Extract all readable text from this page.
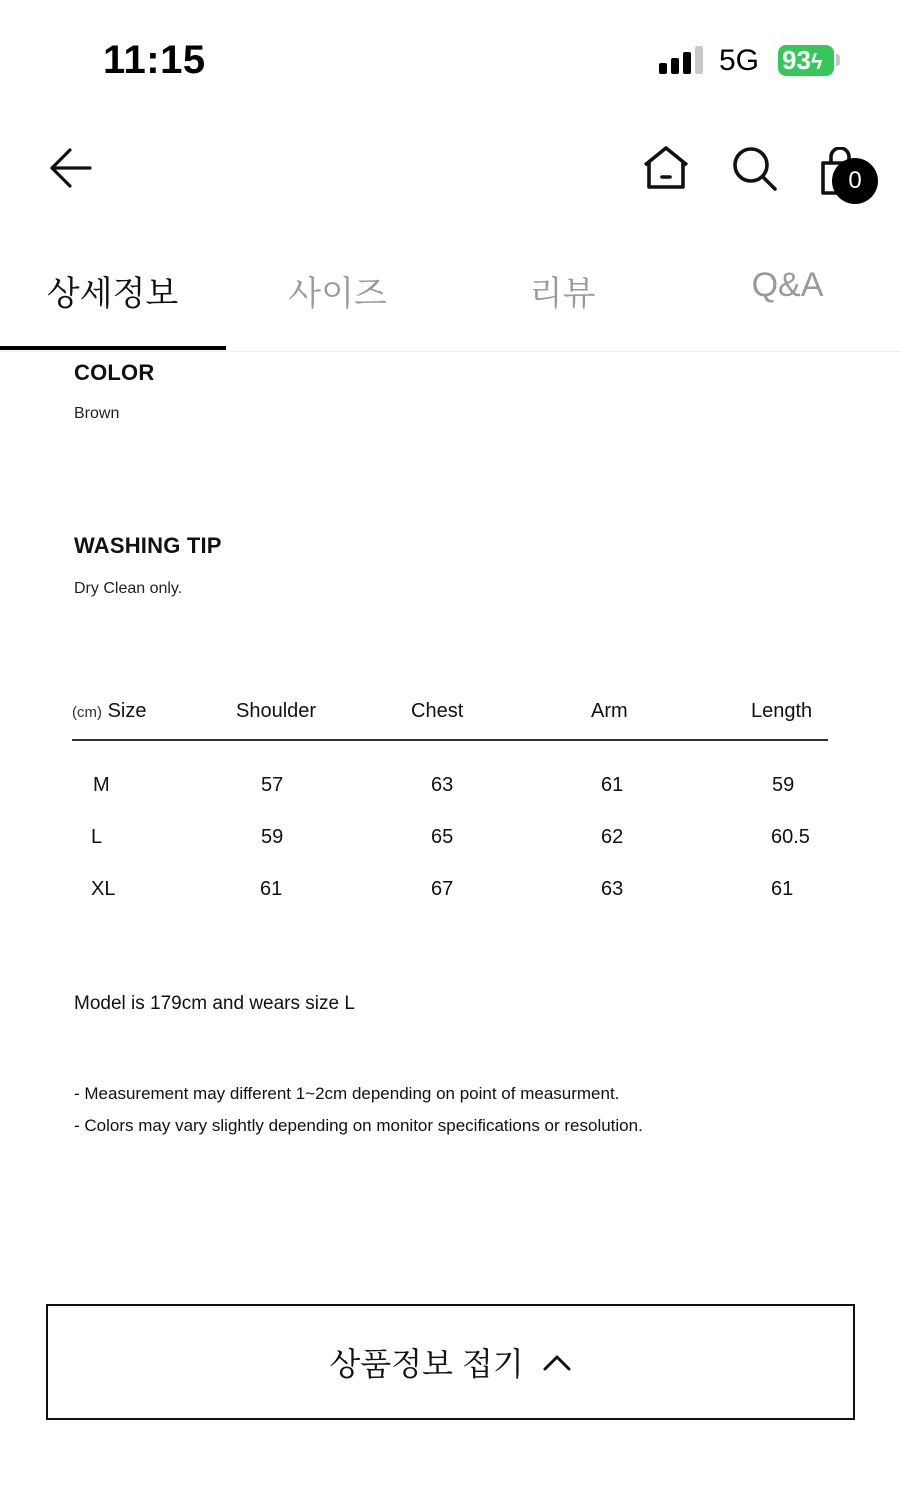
11:15	5G 93ϟ
0
상세정보	사이즈	리뷰	Q&A
COLOR
Brown
WASHING TIP
Dry Clean only.
(cm) Size	Shoulder	Chest	Arm	Length
M	57	63	61	59
L	59	65	62	60.5
XL	61	67	63	61
Model is 179cm and wears size L
- Measurement may different 1~2cm depending on point of measurment.
- Colors may vary slightly depending on monitor specifications or resolution.
상품정보 접기
